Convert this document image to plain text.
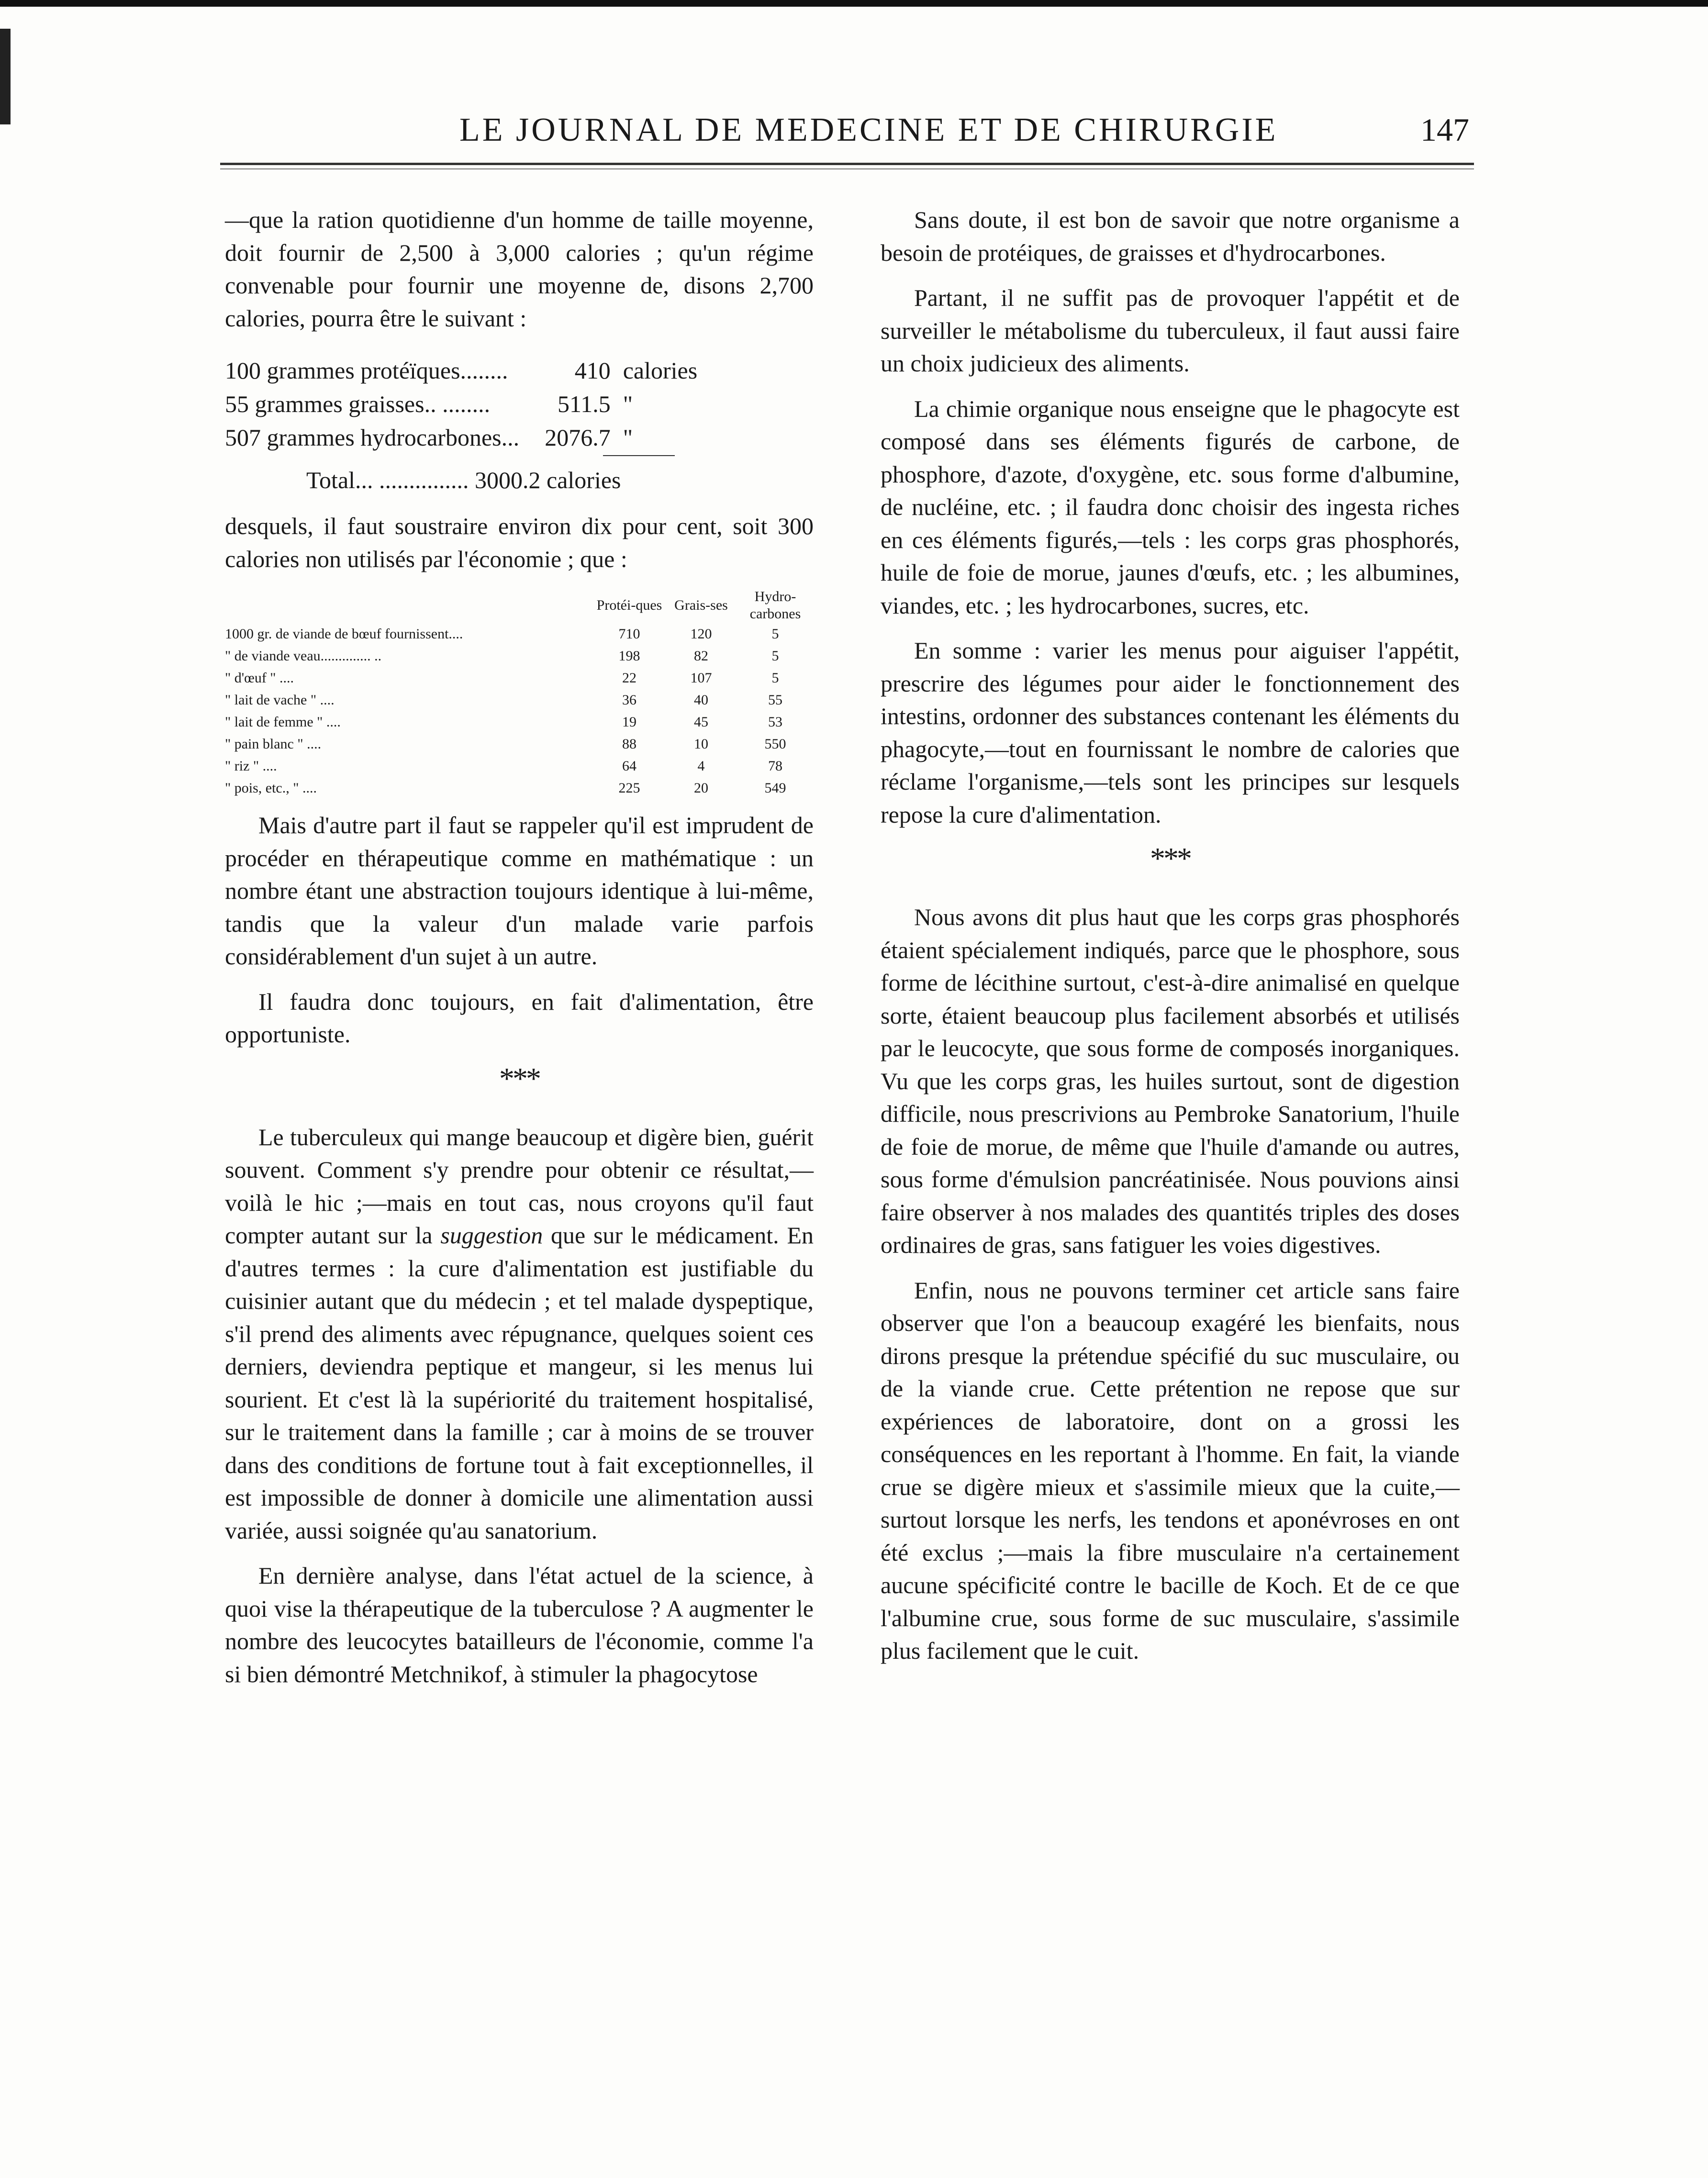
LE JOURNAL DE MEDECINE ET DE CHIRURGIE	147

—que la ration quotidienne d'un homme de taille moyenne, doit fournir de 2,500 à 3,000 calories ; qu'un régime convenable pour fournir une moyenne de, disons 2,700 calories, pourra être le suivant :

100 grammes protéïques........	410	calories
55 grammes graisses.. ........	511.5	"
507 grammes hydrocarbones...	2076.7	"
Total... ............... 3000.2 calories

desquels, il faut soustraire environ dix pour cent, soit 300 calories non utilisés par l'économie ; que :

	Protéi-ques	Grais-ses	Hydro-carbones
1000 gr. de viande de bœuf fournissent....	710	120	5
" de viande veau.............. ..	198	82	5
" d'œuf " ....	22	107	5
" lait de vache " ....	36	40	55
" lait de femme " ....	19	45	53
" pain blanc " ....	88	10	550
" riz " ....	64	4	78
" pois, etc., " ....	225	20	549

Mais d'autre part il faut se rappeler qu'il est imprudent de procéder en thérapeutique comme en mathématique : un nombre étant une abstraction toujours identique à lui-même, tandis que la valeur d'un malade varie parfois considérablement d'un sujet à un autre.

Il faudra donc toujours, en fait d'alimentation, être opportuniste.

***

Le tuberculeux qui mange beaucoup et digère bien, guérit souvent. Comment s'y prendre pour obtenir ce résultat,—voilà le hic ;—mais en tout cas, nous croyons qu'il faut compter autant sur la suggestion que sur le médicament. En d'autres termes : la cure d'alimentation est justifiable du cuisinier autant que du médecin ; et tel malade dyspeptique, s'il prend des aliments avec répugnance, quelques soient ces derniers, deviendra peptique et mangeur, si les menus lui sourient. Et c'est là la supériorité du traitement hospitalisé, sur le traitement dans la famille ; car à moins de se trouver dans des conditions de fortune tout à fait exceptionnelles, il est impossible de donner à domicile une alimentation aussi variée, aussi soignée qu'au sanatorium.

En dernière analyse, dans l'état actuel de la science, à quoi vise la thérapeutique de la tuberculose ? A augmenter le nombre des leucocytes batailleurs de l'économie, comme l'a si bien démontré Metchnikof, à stimuler la phagocytose

Sans doute, il est bon de savoir que notre organisme a besoin de protéiques, de graisses et d'hydrocarbones.

Partant, il ne suffit pas de provoquer l'appétit et de surveiller le métabolisme du tuberculeux, il faut aussi faire un choix judicieux des aliments.

La chimie organique nous enseigne que le phagocyte est composé dans ses éléments figurés de carbone, de phosphore, d'azote, d'oxygène, etc. sous forme d'albumine, de nucléine, etc. ; il faudra donc choisir des ingesta riches en ces éléments figurés,—tels : les corps gras phosphorés, huile de foie de morue, jaunes d'œufs, etc. ; les albumines, viandes, etc. ; les hydrocarbones, sucres, etc.

En somme : varier les menus pour aiguiser l'appétit, prescrire des légumes pour aider le fonctionnement des intestins, ordonner des substances contenant les éléments du phagocyte,—tout en fournissant le nombre de calories que réclame l'organisme,—tels sont les principes sur lesquels repose la cure d'alimentation.

***

Nous avons dit plus haut que les corps gras phosphorés étaient spécialement indiqués, parce que le phosphore, sous forme de lécithine surtout, c'est-à-dire animalisé en quelque sorte, étaient beaucoup plus facilement absorbés et utilisés par le leucocyte, que sous forme de composés inorganiques. Vu que les corps gras, les huiles surtout, sont de digestion difficile, nous prescrivions au Pembroke Sanatorium, l'huile de foie de morue, de même que l'huile d'amande ou autres, sous forme d'émulsion pancréatinisée. Nous pouvions ainsi faire observer à nos malades des quantités triples des doses ordinaires de gras, sans fatiguer les voies digestives.

Enfin, nous ne pouvons terminer cet article sans faire observer que l'on a beaucoup exagéré les bienfaits, nous dirons presque la prétendue spécifié du suc musculaire, ou de la viande crue. Cette prétention ne repose que sur expériences de laboratoire, dont on a grossi les conséquences en les reportant à l'homme. En fait, la viande crue se digère mieux et s'assimile mieux que la cuite,—surtout lorsque les nerfs, les tendons et aponévroses en ont été exclus ;—mais la fibre musculaire n'a certainement aucune spécificité contre le bacille de Koch. Et de ce que l'albumine crue, sous forme de suc musculaire, s'assimile plus facilement que le cuit.
